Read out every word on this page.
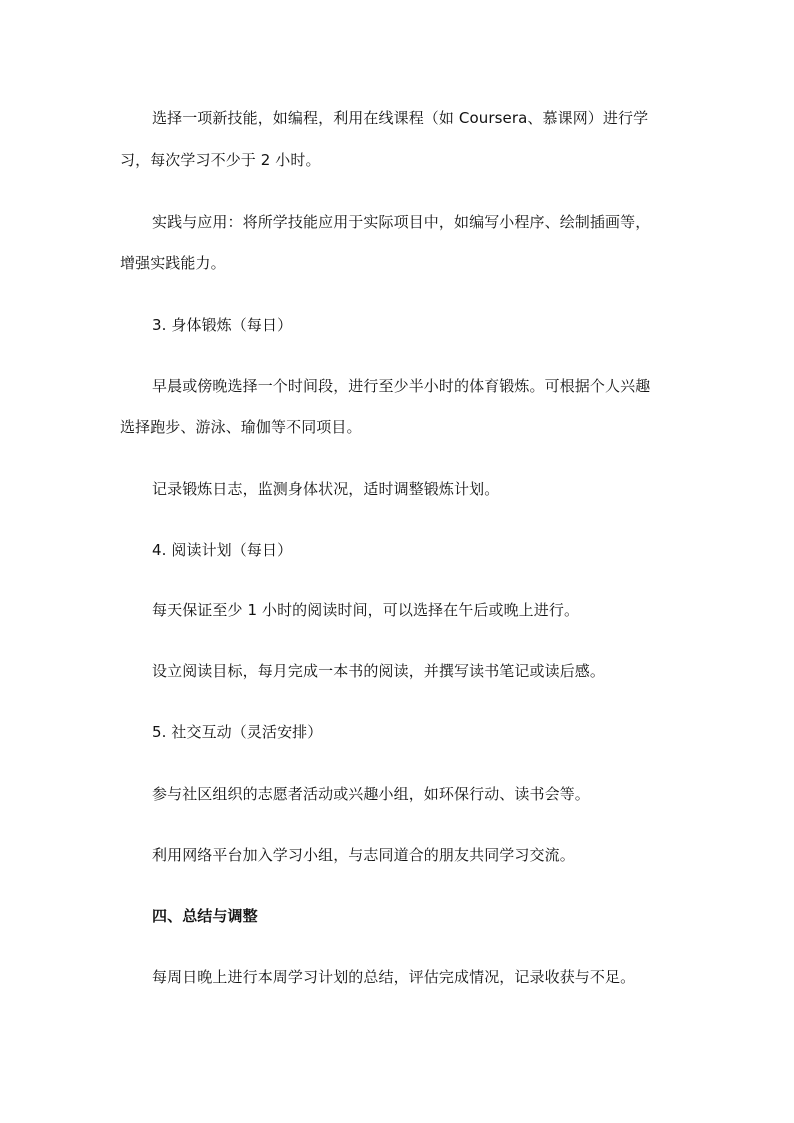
选择一项新技能，如编程，利用在线课程（如 Coursera、慕课网）进行学

习，每次学习不少于 2 小时。

实践与应用：将所学技能应用于实际项目中，如编写小程序、绘制插画等，

增强实践能力。

3. 身体锻炼（每日）

早晨或傍晚选择一个时间段，进行至少半小时的体育锻炼。可根据个人兴趣

选择跑步、游泳、瑜伽等不同项目。

记录锻炼日志，监测身体状况，适时调整锻炼计划。

4. 阅读计划（每日）

每天保证至少 1 小时的阅读时间，可以选择在午后或晚上进行。

设立阅读目标，每月完成一本书的阅读，并撰写读书笔记或读后感。

5. 社交互动（灵活安排）

参与社区组织的志愿者活动或兴趣小组，如环保行动、读书会等。

利用网络平台加入学习小组，与志同道合的朋友共同学习交流。

四、总结与调整

每周日晚上进行本周学习计划的总结，评估完成情况，记录收获与不足。
